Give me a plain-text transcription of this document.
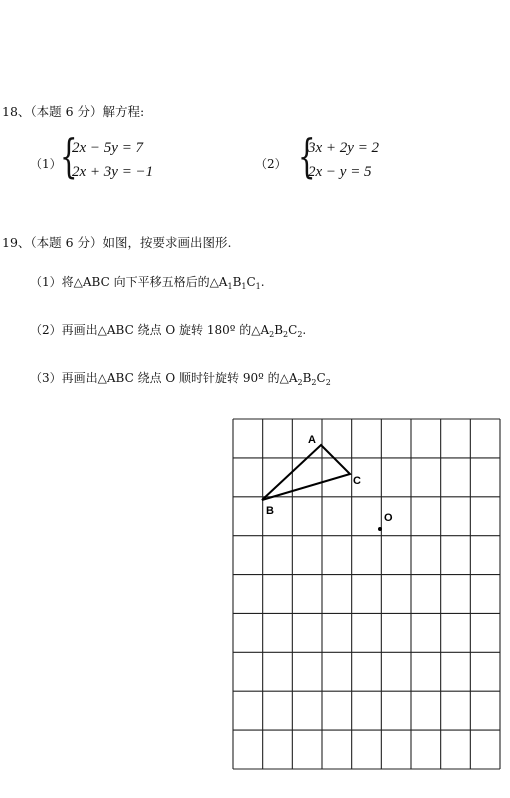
18、（本题 6 分）解方程:
（1）
{
2x − 5y = 7
2x + 3y = −1	（2） {
3x + 2y = 2
2x − y = 5
19、（本题 6 分）如图，按要求画出图形.
（1）将△ABC 向下平移五格后的$\triangle A_1B_1C_1$.
（2）再画出△ABC 绕点 O 旋转 180º 的$\triangle A_2B_2C_2$.
（3）再画出△ABC 绕点 O 顺时针旋转 90º 的$\triangle A_2B_2C_2$
A
B
C
O
